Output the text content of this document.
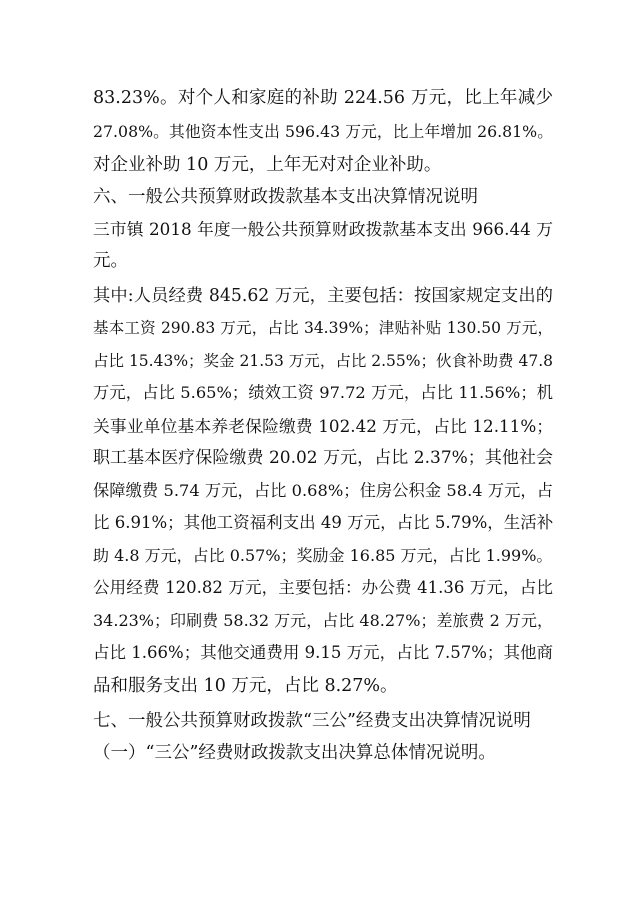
83.23%。对个人和家庭的补助 224.56 万元，比上年减少
27.08%。其他资本性支出 596.43 万元，比上年增加 26.81%。
对企业补助 10 万元，上年无对对企业补助。
六、一般公共预算财政拨款基本支出决算情况说明
三市镇 2018 年度一般公共预算财政拨款基本支出 966.44 万
元。
其中:人员经费 845.62 万元，主要包括：按国家规定支出的
基本工资 290.83 万元，占比 34.39%；津贴补贴 130.50 万元，
占比 15.43%；奖金 21.53 万元，占比 2.55%；伙食补助费 47.8
万元，占比 5.65%；绩效工资 97.72 万元，占比 11.56%；机
关事业单位基本养老保险缴费 102.42 万元，占比 12.11%；
职工基本医疗保险缴费 20.02 万元，占比 2.37%；其他社会
保障缴费 5.74 万元，占比 0.68%；住房公积金 58.4 万元，占
比 6.91%；其他工资福利支出 49 万元，占比 5.79%，生活补
助 4.8 万元，占比 0.57%；奖励金 16.85 万元，占比 1.99%。
公用经费 120.82 万元，主要包括：办公费 41.36 万元，占比
34.23%；印刷费 58.32 万元，占比 48.27%；差旅费 2 万元，
占比 1.66%；其他交通费用 9.15 万元，占比 7.57%；其他商
品和服务支出 10 万元，占比 8.27%。
七、一般公共预算财政拨款“三公”经费支出决算情况说明
（一）“三公”经费财政拨款支出决算总体情况说明。
